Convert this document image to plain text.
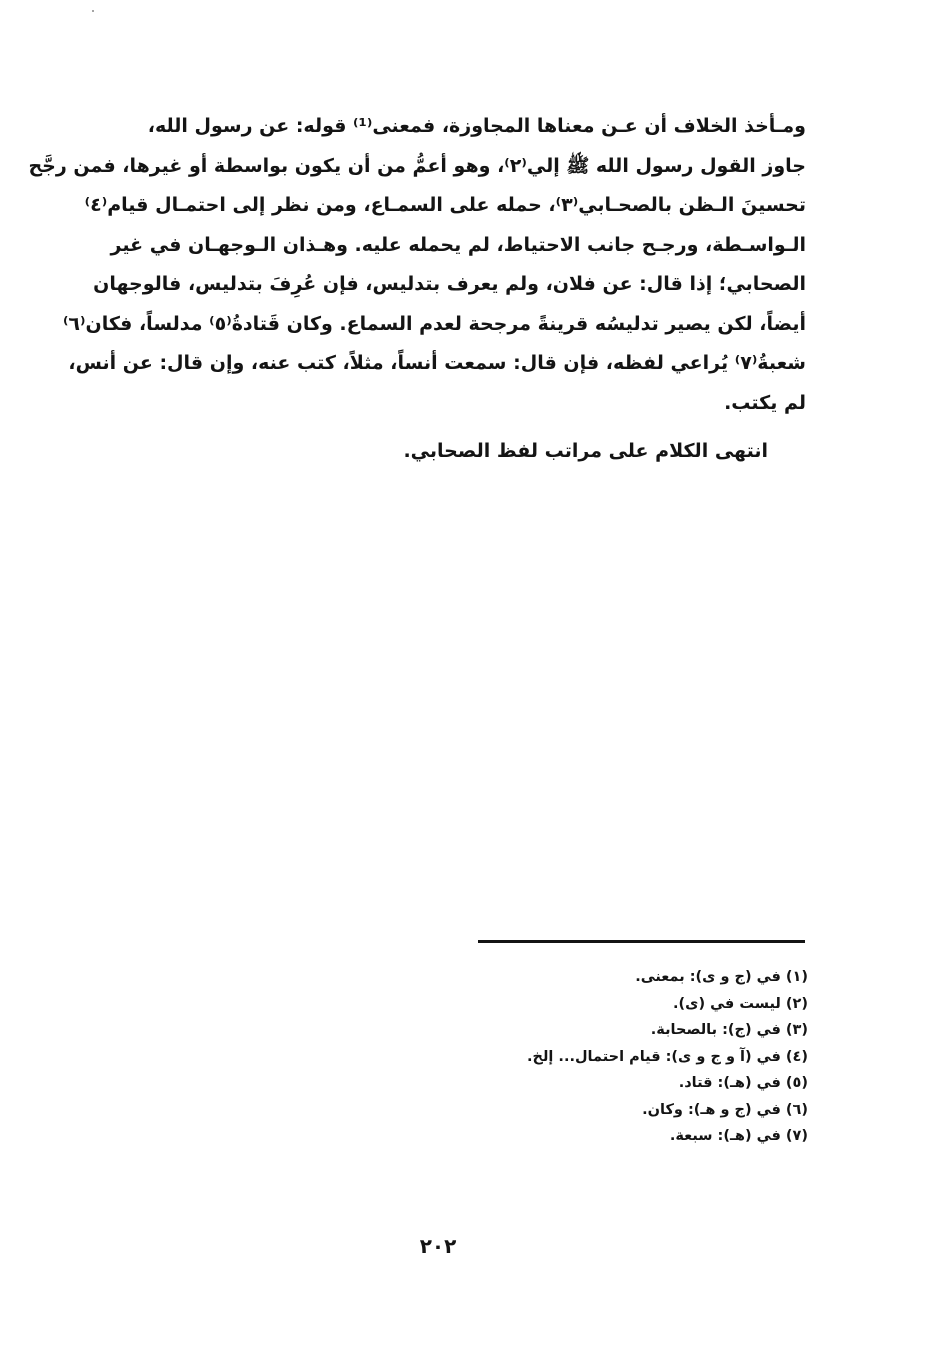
ومـأخذ الخلاف أن عـن معناها المجاوزة، فمعنى⁽¹⁾ قوله: عن رسول الله،
جاوز القول رسول الله ﷺ إلي⁽٢⁾، وهو أعمُّ من أن يكون بواسطة أو غيرها، فمن رجَّح
تحسينَ الـظن بالصحـابي⁽٣⁾، حمله على السمـاع، ومن نظر إلى احتمـال قيام⁽٤⁾
الـواسـطة، ورجـح جانب الاحتياط، لم يحمله عليه. وهـذان الـوجهـان في غير
الصحابي؛ إذا قال: عن فلان، ولم يعرف بتدليس، فإن عُرِفَ بتدليس، فالوجهان
أيضاً، لكن يصير تدليسُه قرينةً مرجحة لعدم السماع. وكان قَتادةُ⁽٥⁾ مدلساً، فكان⁽٦⁾
شعبةُ⁽٧⁾ يُراعي لفظه، فإن قال: سمعت أنساً، مثلاً، كتب عنه، وإن قال: عن أنس،
لم يكتب.
انتهى الكلام على مراتب لفظ الصحابي.
(١) في (ج و ى): بمعنى.
(٢) ليست في (ى).
(٣) في (ج): بالصحابة.
(٤) في (آ و ج و ى): قيام احتمال... إلخ.
(٥) في (هـ): قتاد.
(٦) في (ج و هـ): وكان.
(٧) في (هـ): سبعة.
٢٠٢
